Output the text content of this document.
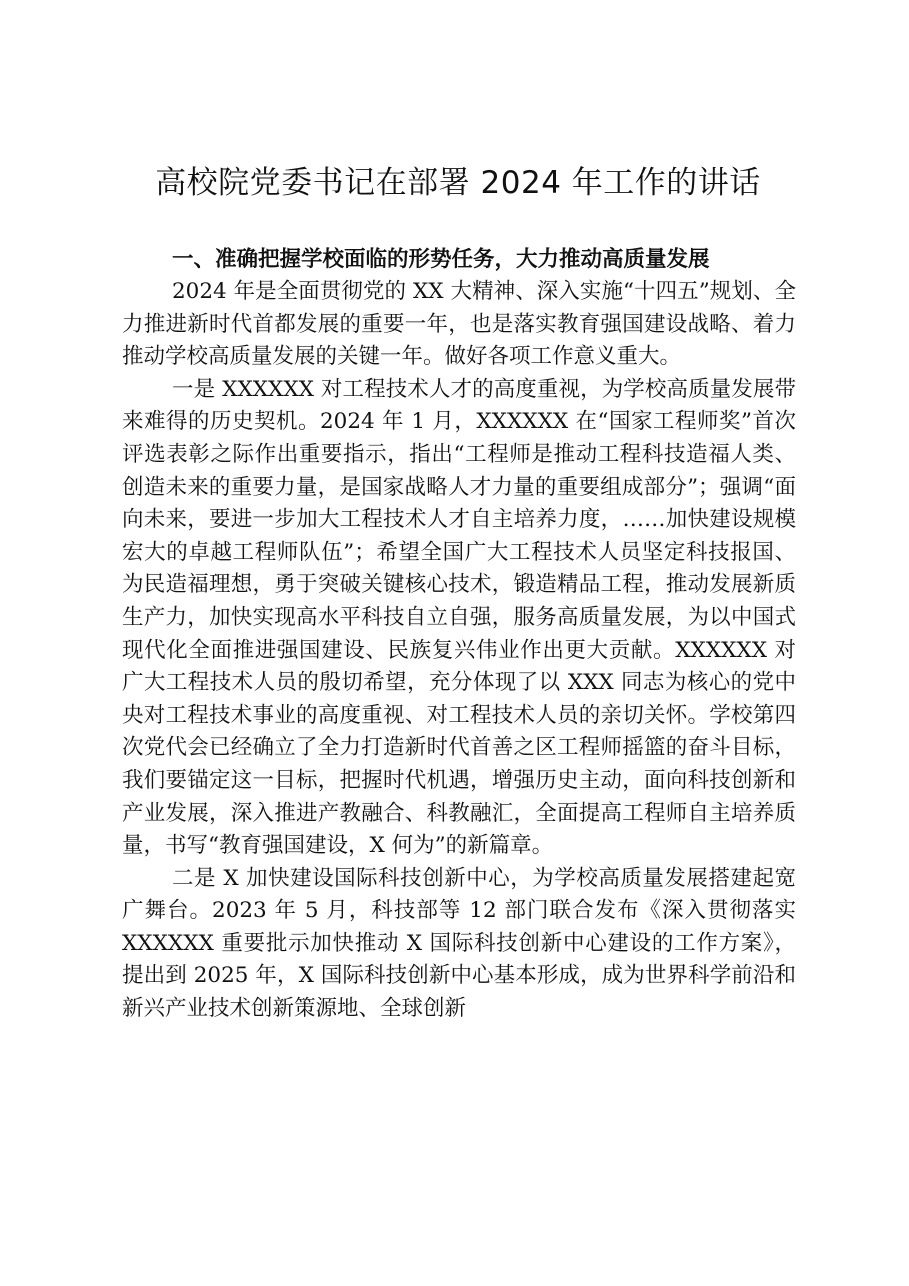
高校院党委书记在部署 2024 年工作的讲话

一、准确把握学校面临的形势任务，大力推动高质量发展

2024 年是全面贯彻党的 XX 大精神、深入实施“十四五”规划、全力推进新时代首都发展的重要一年，也是落实教育强国建设战略、着力推动学校高质量发展的关键一年。做好各项工作意义重大。

一是 XXXXXX 对工程技术人才的高度重视，为学校高质量发展带来难得的历史契机。2024 年 1 月，XXXXXX 在“国家工程师奖”首次评选表彰之际作出重要指示，指出“工程师是推动工程科技造福人类、创造未来的重要力量，是国家战略人才力量的重要组成部分”；强调“面向未来，要进一步加大工程技术人才自主培养力度，……加快建设规模宏大的卓越工程师队伍”；希望全国广大工程技术人员坚定科技报国、为民造福理想，勇于突破关键核心技术，锻造精品工程，推动发展新质生产力，加快实现高水平科技自立自强，服务高质量发展，为以中国式现代化全面推进强国建设、民族复兴伟业作出更大贡献。XXXXXX 对广大工程技术人员的殷切希望，充分体现了以 XXX 同志为核心的党中央对工程技术事业的高度重视、对工程技术人员的亲切关怀。学校第四次党代会已经确立了全力打造新时代首善之区工程师摇篮的奋斗目标，我们要锚定这一目标，把握时代机遇，增强历史主动，面向科技创新和产业发展，深入推进产教融合、科教融汇，全面提高工程师自主培养质量，书写“教育强国建设，X 何为”的新篇章。

二是 X 加快建设国际科技创新中心，为学校高质量发展搭建起宽广舞台。2023 年 5 月，科技部等 12 部门联合发布《深入贯彻落实 XXXXXX 重要批示加快推动 X 国际科技创新中心建设的工作方案》，提出到 2025 年，X 国际科技创新中心基本形成，成为世界科学前沿和新兴产业技术创新策源地、全球创新
